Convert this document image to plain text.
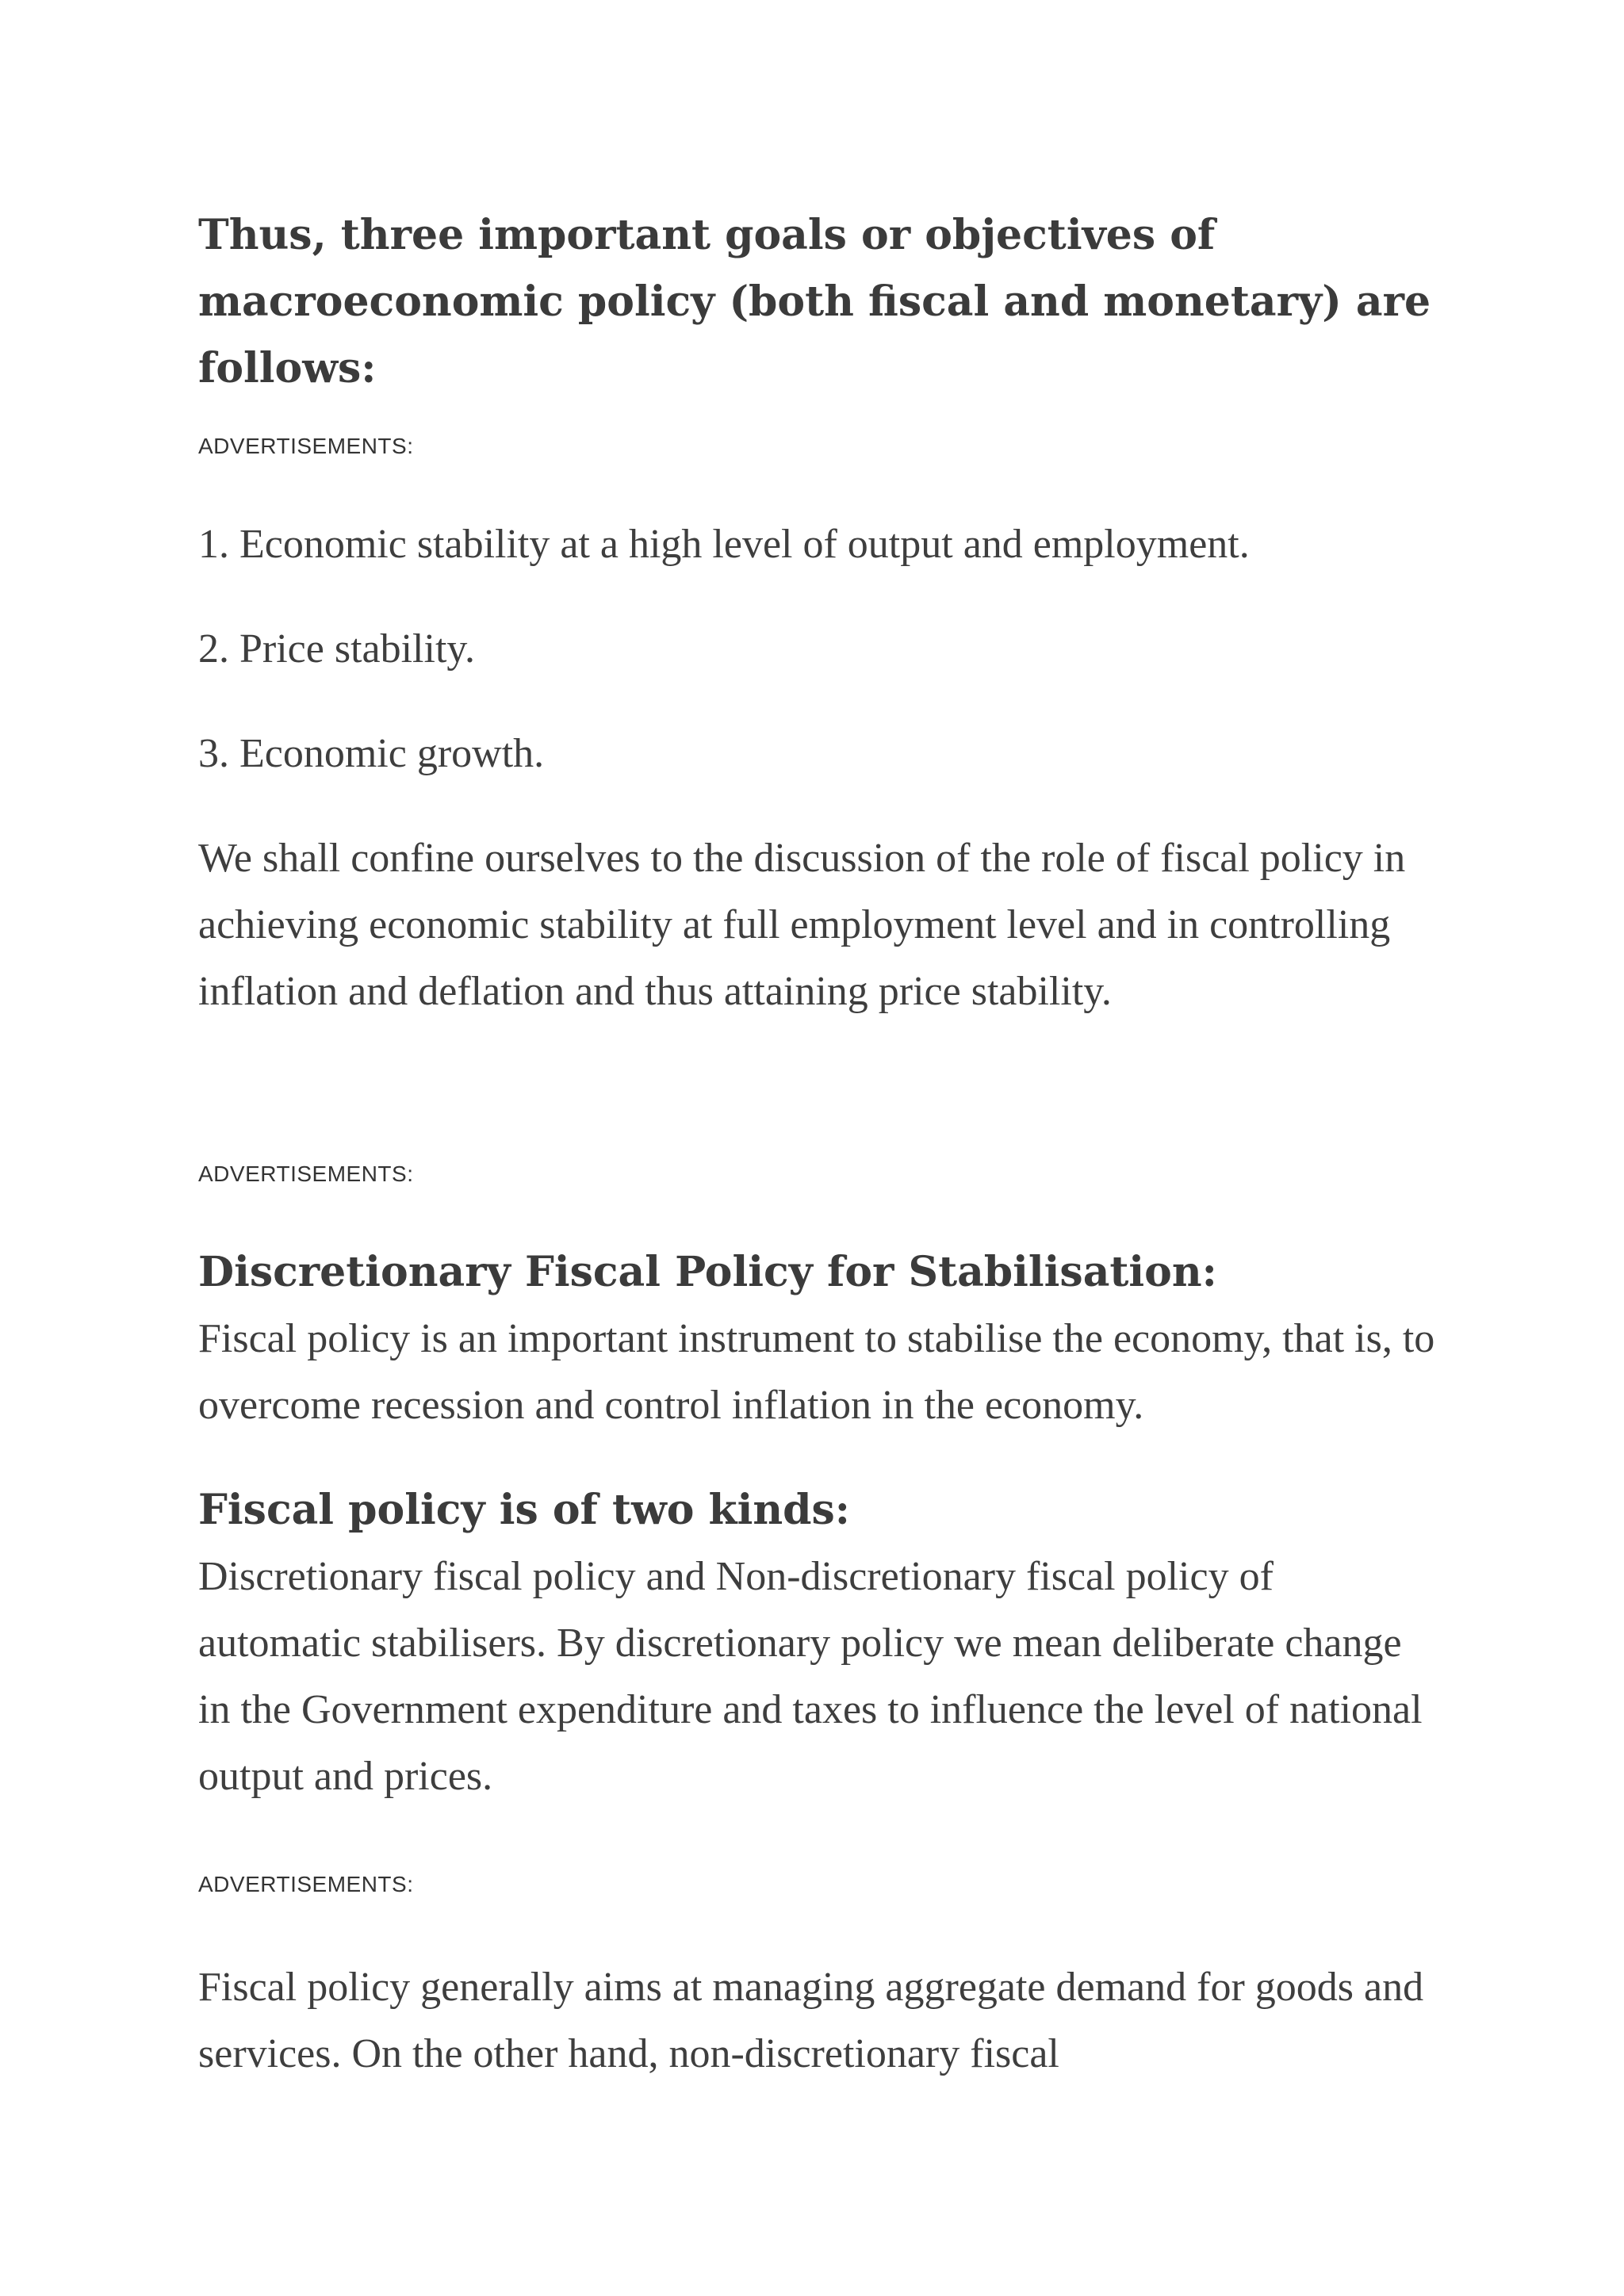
Thus, three important goals or objectives of macroeconomic policy (both fiscal and monetary) are follows:

ADVERTISEMENTS:

1. Economic stability at a high level of output and employment.

2. Price stability.

3. Economic growth.

We shall confine ourselves to the discussion of the role of fiscal policy in achieving economic stability at full employment level and in controlling inflation and deflation and thus attaining price stability.

ADVERTISEMENTS:

Discretionary Fiscal Policy for Stabilisation:

Fiscal policy is an important instrument to stabilise the economy, that is, to overcome recession and control inflation in the economy.

Fiscal policy is of two kinds:

Discretionary fiscal policy and Non-discretionary fiscal policy of automatic stabilisers. By discretionary policy we mean deliberate change in the Government expenditure and taxes to influence the level of national output and prices.

ADVERTISEMENTS:

Fiscal policy generally aims at managing aggregate demand for goods and services. On the other hand, non-discretionary fiscal
